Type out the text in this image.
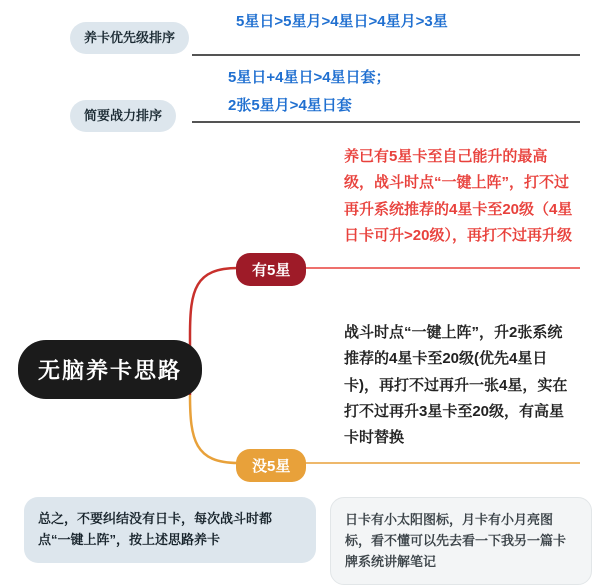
养卡优先级排序
5星日>5星月>4星日>4星月>3星
简要战力排序
5星日+4星日>4星日套；
2张5星月>4星日套
无脑养卡思路
有5星
养已有5星卡至自己能升的最高级，战斗时点“一键上阵”，打不过再升系统推荐的4星卡至20级（4星日卡可升>20级），再打不过再升级
没5星
战斗时点“一键上阵”，升2张系统推荐的4星卡至20级(优先4星日卡)，再打不过再升一张4星，实在打不过再升3星卡至20级，有高星卡时替换
总之，不要纠结没有日卡，每次战斗时都点“一键上阵”，按上述思路养卡
日卡有小太阳图标，月卡有小月亮图标，看不懂可以先去看一下我另一篇卡牌系统讲解笔记
